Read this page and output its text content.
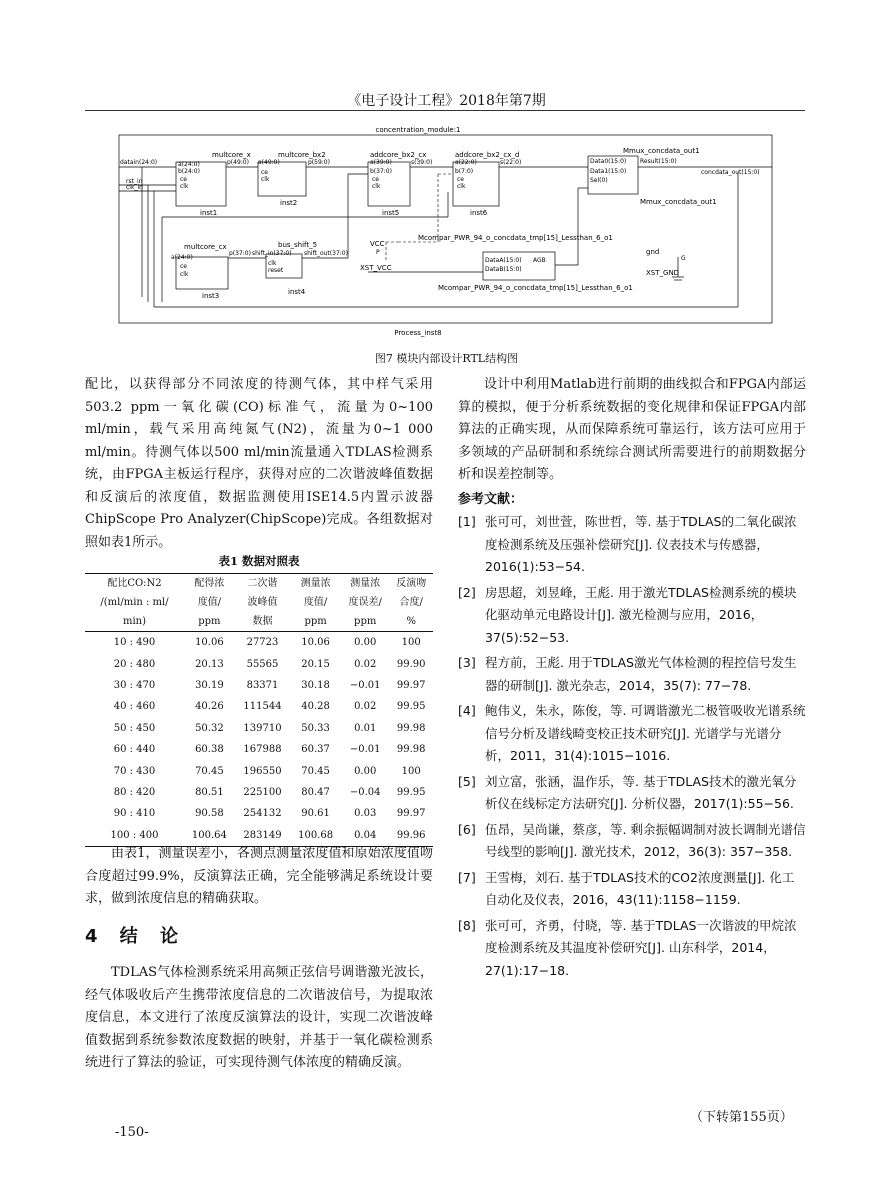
《电子设计工程》2018年第7期
concentration_module:1
Process_inst8
datain(24:0)
rst_in
clk_in
multcore_x
a(24:0)
b(24:0)
ce
clk
p(49:0)
inst1
multcore_bx2
a(49:0)
ce
clk
p(59:0)
inst2
addcore_bx2_cx
a(39:0)
b(37:0)
ce
clk
s(39:0)
inst5
addcore_bx2_cx_d
a(22:0)
b(7:0)
ce
clk
s(22:0)
inst6
Mmux_concdata_out1
Data0(15:0)
Data1(15:0)
Sel(0)
Result(15:0)
concdata_out(15:0)
Mmux_concdata_out1
multcore_cx
a(24:0)
ce
clk
p(37:0)
inst3
bus_shift_5
shift_in(37:0) shift_out(37:0)
clk
reset
inst4
VCC
P
XST_VCC
Mcompar_PWR_94_o_concdata_tmp[15]_Lessthan_6_o1
DataA(15:0)
DataB(15:0)
AGB
Mcompar_PWR_94_o_concdata_tmp[15]_Lessthan_6_o1
gnd
G
XST_GND
图7 模块内部设计RTL结构图

配比，以获得部分不同浓度的待测气体，其中样气采用503.2 ppm一氧化碳(CO)标准气，流量为0~100 ml/min，载气采用高纯氮气(N2)，流量为0~1 000 ml/min。待测气体以500 ml/min流量通入TDLAS检测系统，由FPGA主板运行程序，获得对应的二次谐波峰值数据和反演后的浓度值，数据监测使用ISE14.5内置示波器ChipScope Pro Analyzer(ChipScope)完成。各组数据对照如表1所示。

表1 数据对照表
配比CO:N2	配得浓	二次谐	测量浓	测量浓	反演吻
/(ml/min : ml/	度值/	波峰值	度值/	度误差/	合度/
min)	ppm	数据	ppm	ppm	%
10 : 490	10.06	27723	10.06	0.00	100
20 : 480	20.13	55565	20.15	0.02	99.90
30 : 470	30.19	83371	30.18	−0.01	99.97
40 : 460	40.26	111544	40.28	0.02	99.95
50 : 450	50.32	139710	50.33	0.01	99.98
60 : 440	60.38	167988	60.37	−0.01	99.98
70 : 430	70.45	196550	70.45	0.00	100
80 : 420	80.51	225100	80.47	−0.04	99.95
90 : 410	90.58	254132	90.61	0.03	99.97
100 : 400	100.64	283149	100.68	0.04	99.96

由表1，测量误差小，各测点测量浓度值和原始浓度值吻合度超过99.9%，反演算法正确，完全能够满足系统设计要求，做到浓度信息的精确获取。

4 结 论

TDLAS气体检测系统采用高频正弦信号调谐激光波长，经气体吸收后产生携带浓度信息的二次谐波信号，为提取浓度信息，本文进行了浓度反演算法的设计，实现二次谐波峰值数据到系统参数浓度数据的映射，并基于一氧化碳检测系统进行了算法的验证，可实现待测气体浓度的精确反演。

-150-

设计中利用Matlab进行前期的曲线拟合和FPGA内部运算的模拟，便于分析系统数据的变化规律和保证FPGA内部算法的正确实现，从而保障系统可靠运行，该方法可应用于多领域的产品研制和系统综合测试所需要进行的前期数据分析和误差控制等。

参考文献：

[1] 张可可，刘世萱，陈世哲，等. 基于TDLAS的二氧化碳浓度检测系统及压强补偿研究[J]. 仪表技术与传感器，2016(1):53−54.
[2] 房思超，刘昱峰，王彪. 用于激光TDLAS检测系统的模块化驱动单元电路设计[J]. 激光检测与应用，2016，37(5):52−53.
[3] 程方前，王彪. 用于TDLAS激光气体检测的程控信号发生器的研制[J]. 激光杂志，2014，35(7): 77−78.
[4] 鲍伟义，朱永，陈俊，等. 可调谐激光二极管吸收光谱系统信号分析及谱线畸变校正技术研究[J]. 光谱学与光谱分析，2011，31(4):1015−1016.
[5] 刘立富，张涵，温作乐，等. 基于TDLAS技术的激光氧分析仪在线标定方法研究[J]. 分析仪器，2017(1):55−56.
[6] 伍昂，吴尚谦，蔡彦，等. 剩余振幅调制对波长调制光谱信号线型的影响[J]. 激光技术，2012，36(3): 357−358.
[7] 王雪梅，刘石. 基于TDLAS技术的CO2浓度测量[J]. 化工自动化及仪表，2016，43(11):1158−1159.
[8] 张可可，齐勇，付晓，等. 基于TDLAS一次谐波的甲烷浓度检测系统及其温度补偿研究[J]. 山东科学，2014，27(1):17−18.
（下转第155页）
